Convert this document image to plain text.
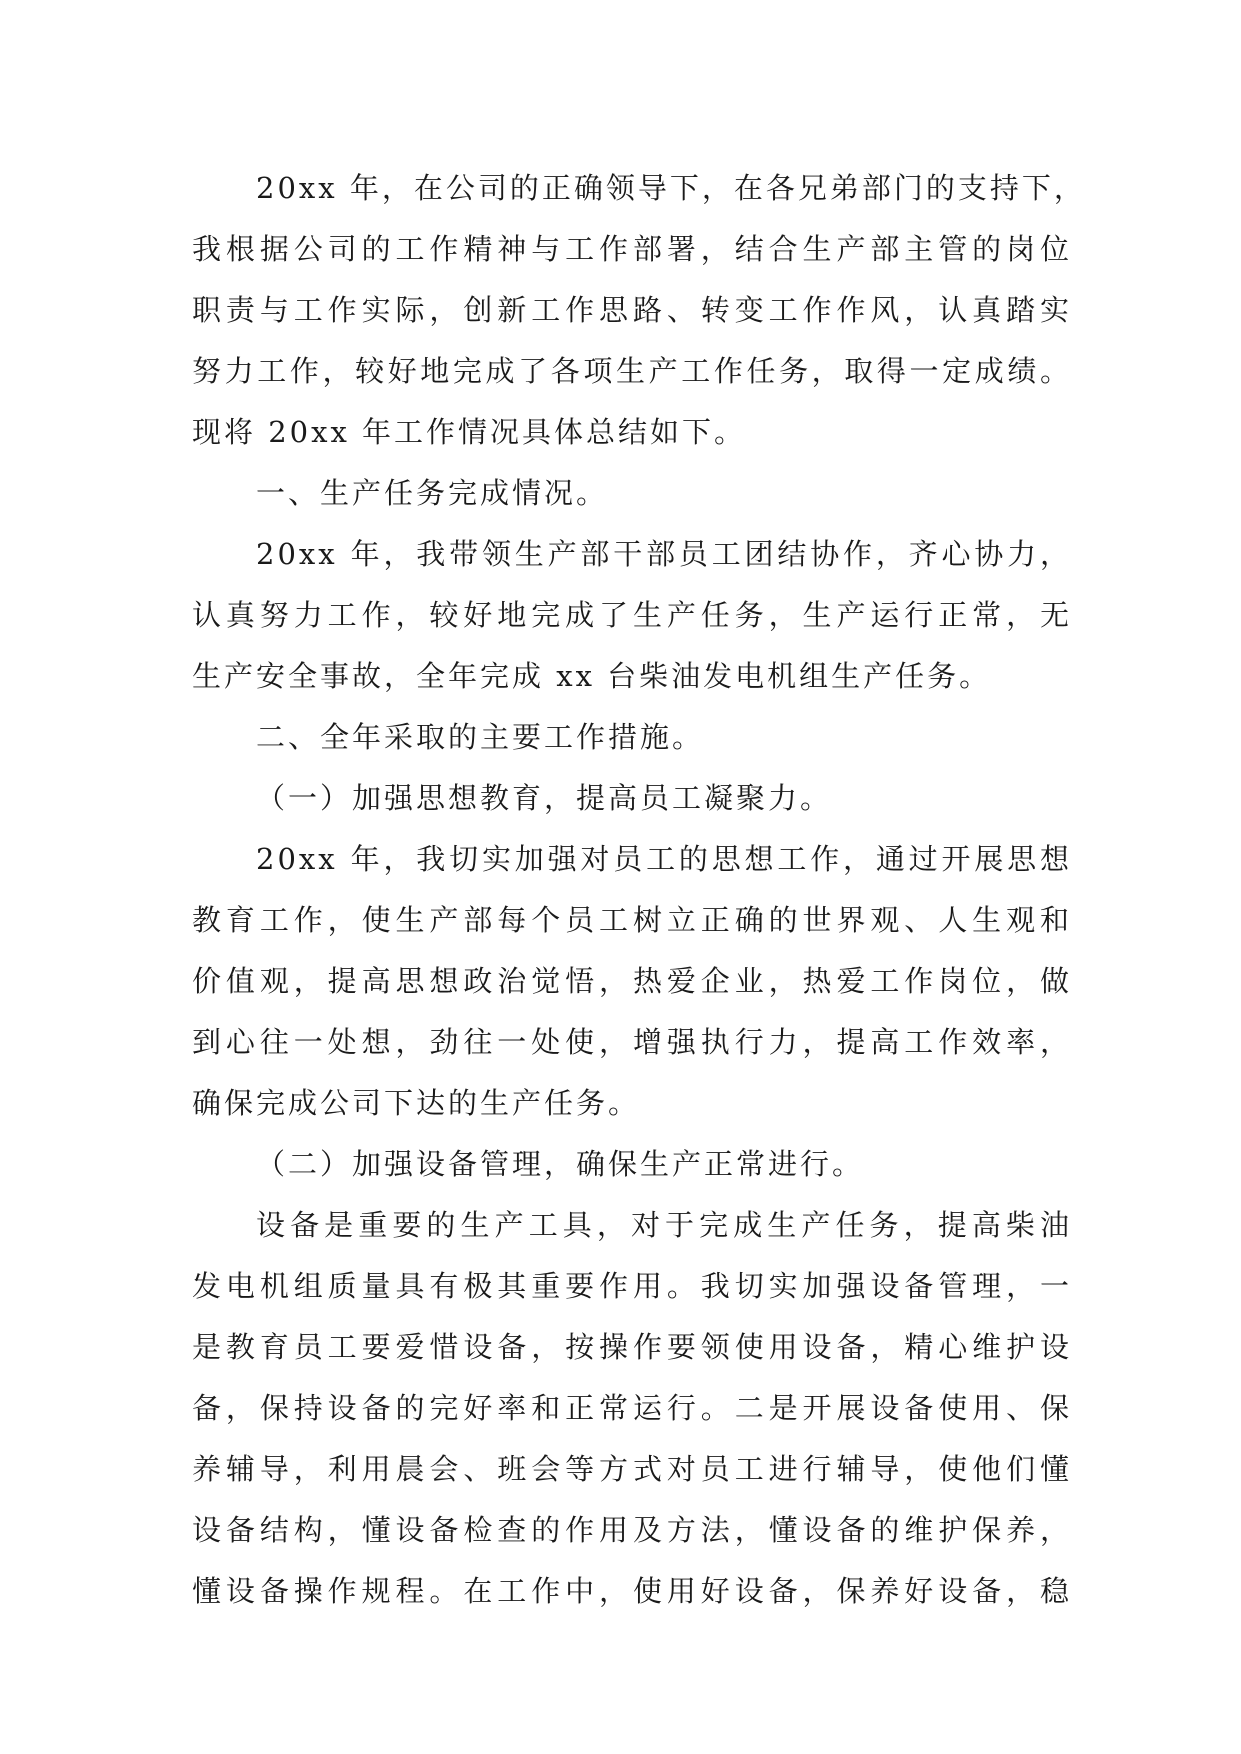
20xx 年，在公司的正确领导下，在各兄弟部门的支持下，
我根据公司的工作精神与工作部署，结合生产部主管的岗位
职责与工作实际，创新工作思路、转变工作作风，认真踏实
努力工作，较好地完成了各项生产工作任务，取得一定成绩。
现将 20xx 年工作情况具体总结如下。
一、生产任务完成情况。
20xx 年，我带领生产部干部员工团结协作，齐心协力，
认真努力工作，较好地完成了生产任务，生产运行正常，无
生产安全事故，全年完成 xx 台柴油发电机组生产任务。
二、全年采取的主要工作措施。
（一）加强思想教育，提高员工凝聚力。
20xx 年，我切实加强对员工的思想工作，通过开展思想
教育工作，使生产部每个员工树立正确的世界观、人生观和
价值观，提高思想政治觉悟，热爱企业，热爱工作岗位，做
到心往一处想，劲往一处使，增强执行力，提高工作效率，
确保完成公司下达的生产任务。
（二）加强设备管理，确保生产正常进行。
设备是重要的生产工具，对于完成生产任务，提高柴油
发电机组质量具有极其重要作用。我切实加强设备管理，一
是教育员工要爱惜设备，按操作要领使用设备，精心维护设
备，保持设备的完好率和正常运行。二是开展设备使用、保
养辅导，利用晨会、班会等方式对员工进行辅导，使他们懂
设备结构，懂设备检查的作用及方法，懂设备的维护保养，
懂设备操作规程。在工作中，使用好设备，保养好设备，稳
